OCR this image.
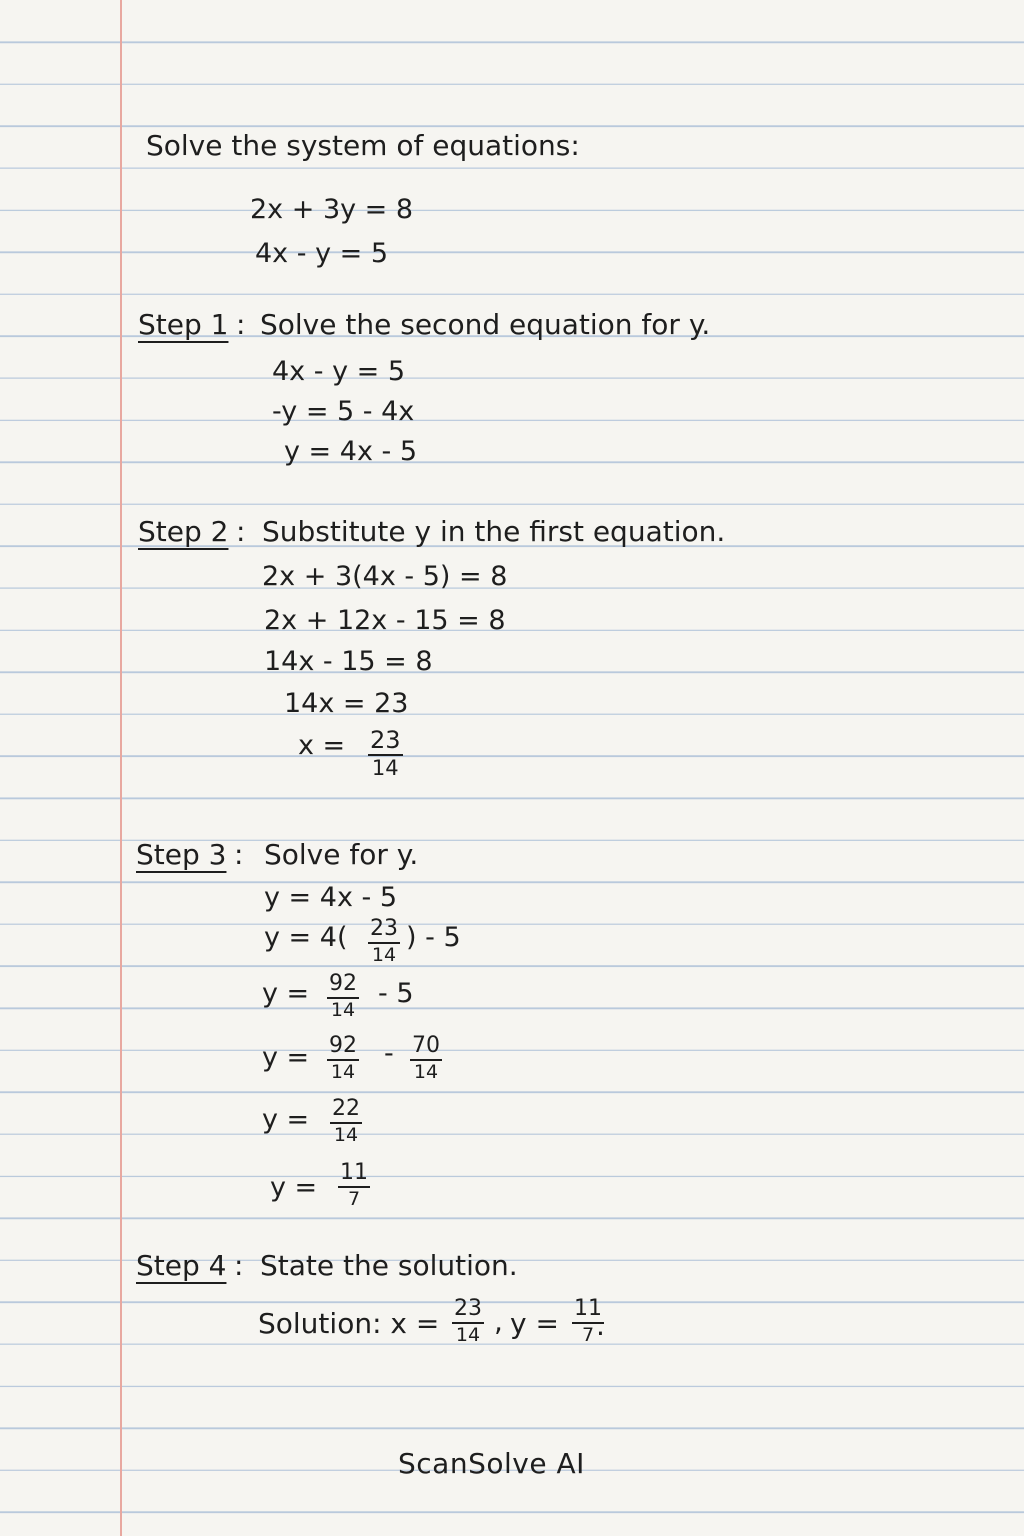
Solve the system of equations:
2x + 3y = 8
4x - y = 5
Step 1 : Solve the second equation for y.
4x - y = 5
-y = 5 - 4x
y = 4x - 5
Step 2 : Substitute y in the first equation.
2x + 3(4x - 5) = 8
2x + 12x - 15 = 8
14x - 15 = 8
14x = 23
$x = \frac{23}{14}$
Step 3 : Solve for y.
y = 4x - 5
$y = 4( \frac{23}{14}$ ) - 5
$y = \frac{92}{14} - 5$
$y = \frac{92}{14} - \frac{70}{14}$
$y = \frac{22}{14}$
$y = \frac{11}{7}$
Step 4 : State the solution.
Solution: $x = \frac{23}{14}$ , $y = \frac{11}{7}$
.
ScanSolve AI
